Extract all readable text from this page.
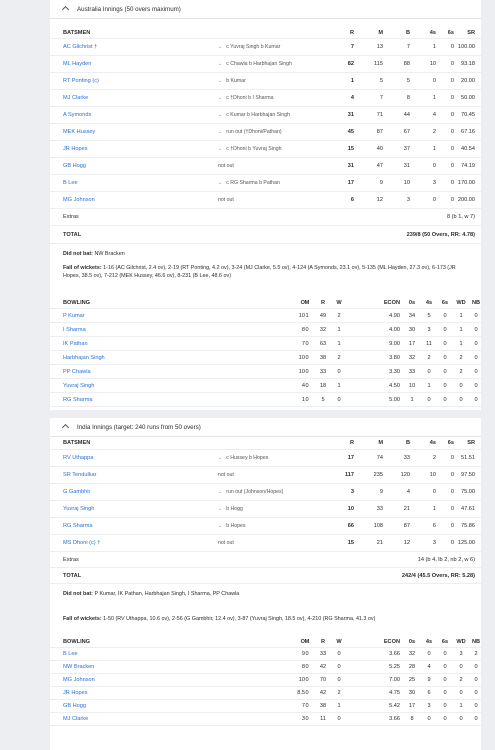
Australia Innings (50 overs maximum)
BATSMEN	R	M	B	4s	6s	SR
AC Gilchrist †	⌄ c Yuvraj Singh b Kumar	7	13	7	1	0 100.00
ML Hayden	⌄ c Chawla b Harbhajan Singh	82	115	88	10	0	93.18
RT Ponting (c)	⌄ b Kumar	1	5	5	0	0	20.00
MJ Clarke	⌄ c †Dhoni b I Sharma	4	7	8	1	0	50.00
A Symonds	⌄ c Kumar b Harbhajan Singh	31	71	44	4	0	70.45
MEK Hussey	⌄ run out (†Dhoni/Pathan)	45	87	67	2	0	67.16
JR Hopes	⌄ c †Dhoni b Yuvraj Singh	15	40	37	1	0	40.54
GB Hogg	not out	31	47	31	0	0	74.19
B Lee	⌄ c RG Sharma b Pathan	17	9	10	3	0 170.00
MG Johnson	not out	6	12	3	0	0 200.00
Extras	8 (b 1, w 7)
TOTAL	239/8 (50 Overs, RR: 4.78)
Did not bat: NW Bracken
Fall of wickets: 1-16 (AC Gilchrist, 2.4 ov), 2-19 (RT Ponting, 4.2 ov), 3-24 (MJ Clarke, 5.5 ov), 4-124 (A Symonds, 23.1 ov), 5-135 (ML Hayden, 27.3 ov), 6-173 (JR Hopes, 38.5 ov), 7-212 (MEK Hussey, 46.6 ov), 8-231 (B Lee, 48.6 ov)
BOWLING	O M	R	W	ECON	0s	4s	6s	WD NB
P Kumar	10 1	49	2	4.90	34	5	0	1	0
I Sharma	8 0	32	1	4.00	30	3	0	1	0
IK Pathan	7 0	63	1	9.00	17	11	0	1	0
Harbhajan Singh	10 0	38	2	3.80	32	2	0	2	0
PP Chawla	10 0	33	0	3.30	33	0	0	2	0
Yuvraj Singh	4 0	18	1	4.50	10	1	0	0	0
RG Sharma	1 0	5	0	5.00	1	0	0	0	0
India Innings (target: 240 runs from 50 overs)
BATSMEN	R	M	B	4s	6s	SR
RV Uthappa	⌄ c Hussey b Hopes	17	74	33	2	0	51.51
SR Tendulkar	not out	117	235	120	10	0	97.50
G Gambhir	⌄ run out (Johnson/Hopes)	3	9	4	0	0	75.00
Yuvraj Singh	⌄ b Hogg	10	33	21	1	0	47.61
RG Sharma	⌄ b Hopes	66	108	87	6	0	75.86
MS Dhoni (c) †	not out	15	21	12	3	0 125.00
Extras	14 (b 4, lb 2, nb 2, w 6)
TOTAL	242/4 (45.5 Overs, RR: 5.28)
Did not bat: P Kumar, IK Pathan, Harbhajan Singh, I Sharma, PP Chawla
Fall of wickets: 1-50 (RV Uthappa, 10.6 ov), 2-56 (G Gambhir, 12.4 ov), 3-87 (Yuvraj Singh, 18.5 ov), 4-210 (RG Sharma, 41.3 ov)
BOWLING	O M	R	W	ECON	0s	4s	6s	WD NB
B Lee	9 0	33	0	3.66	32	0	0	3	2
NW Bracken	8 0	42	0	5.25	28	4	0	0	0
MG Johnson	10 0	70	0	7.00	25	9	0	2	0
JR Hopes	8.5 0	42	2	4.75	30	6	0	0	0
GB Hogg	7 0	38	1	5.42	17	3	0	1	0
MJ Clarke	3 0	11	0	3.66	8	0	0	0	0
